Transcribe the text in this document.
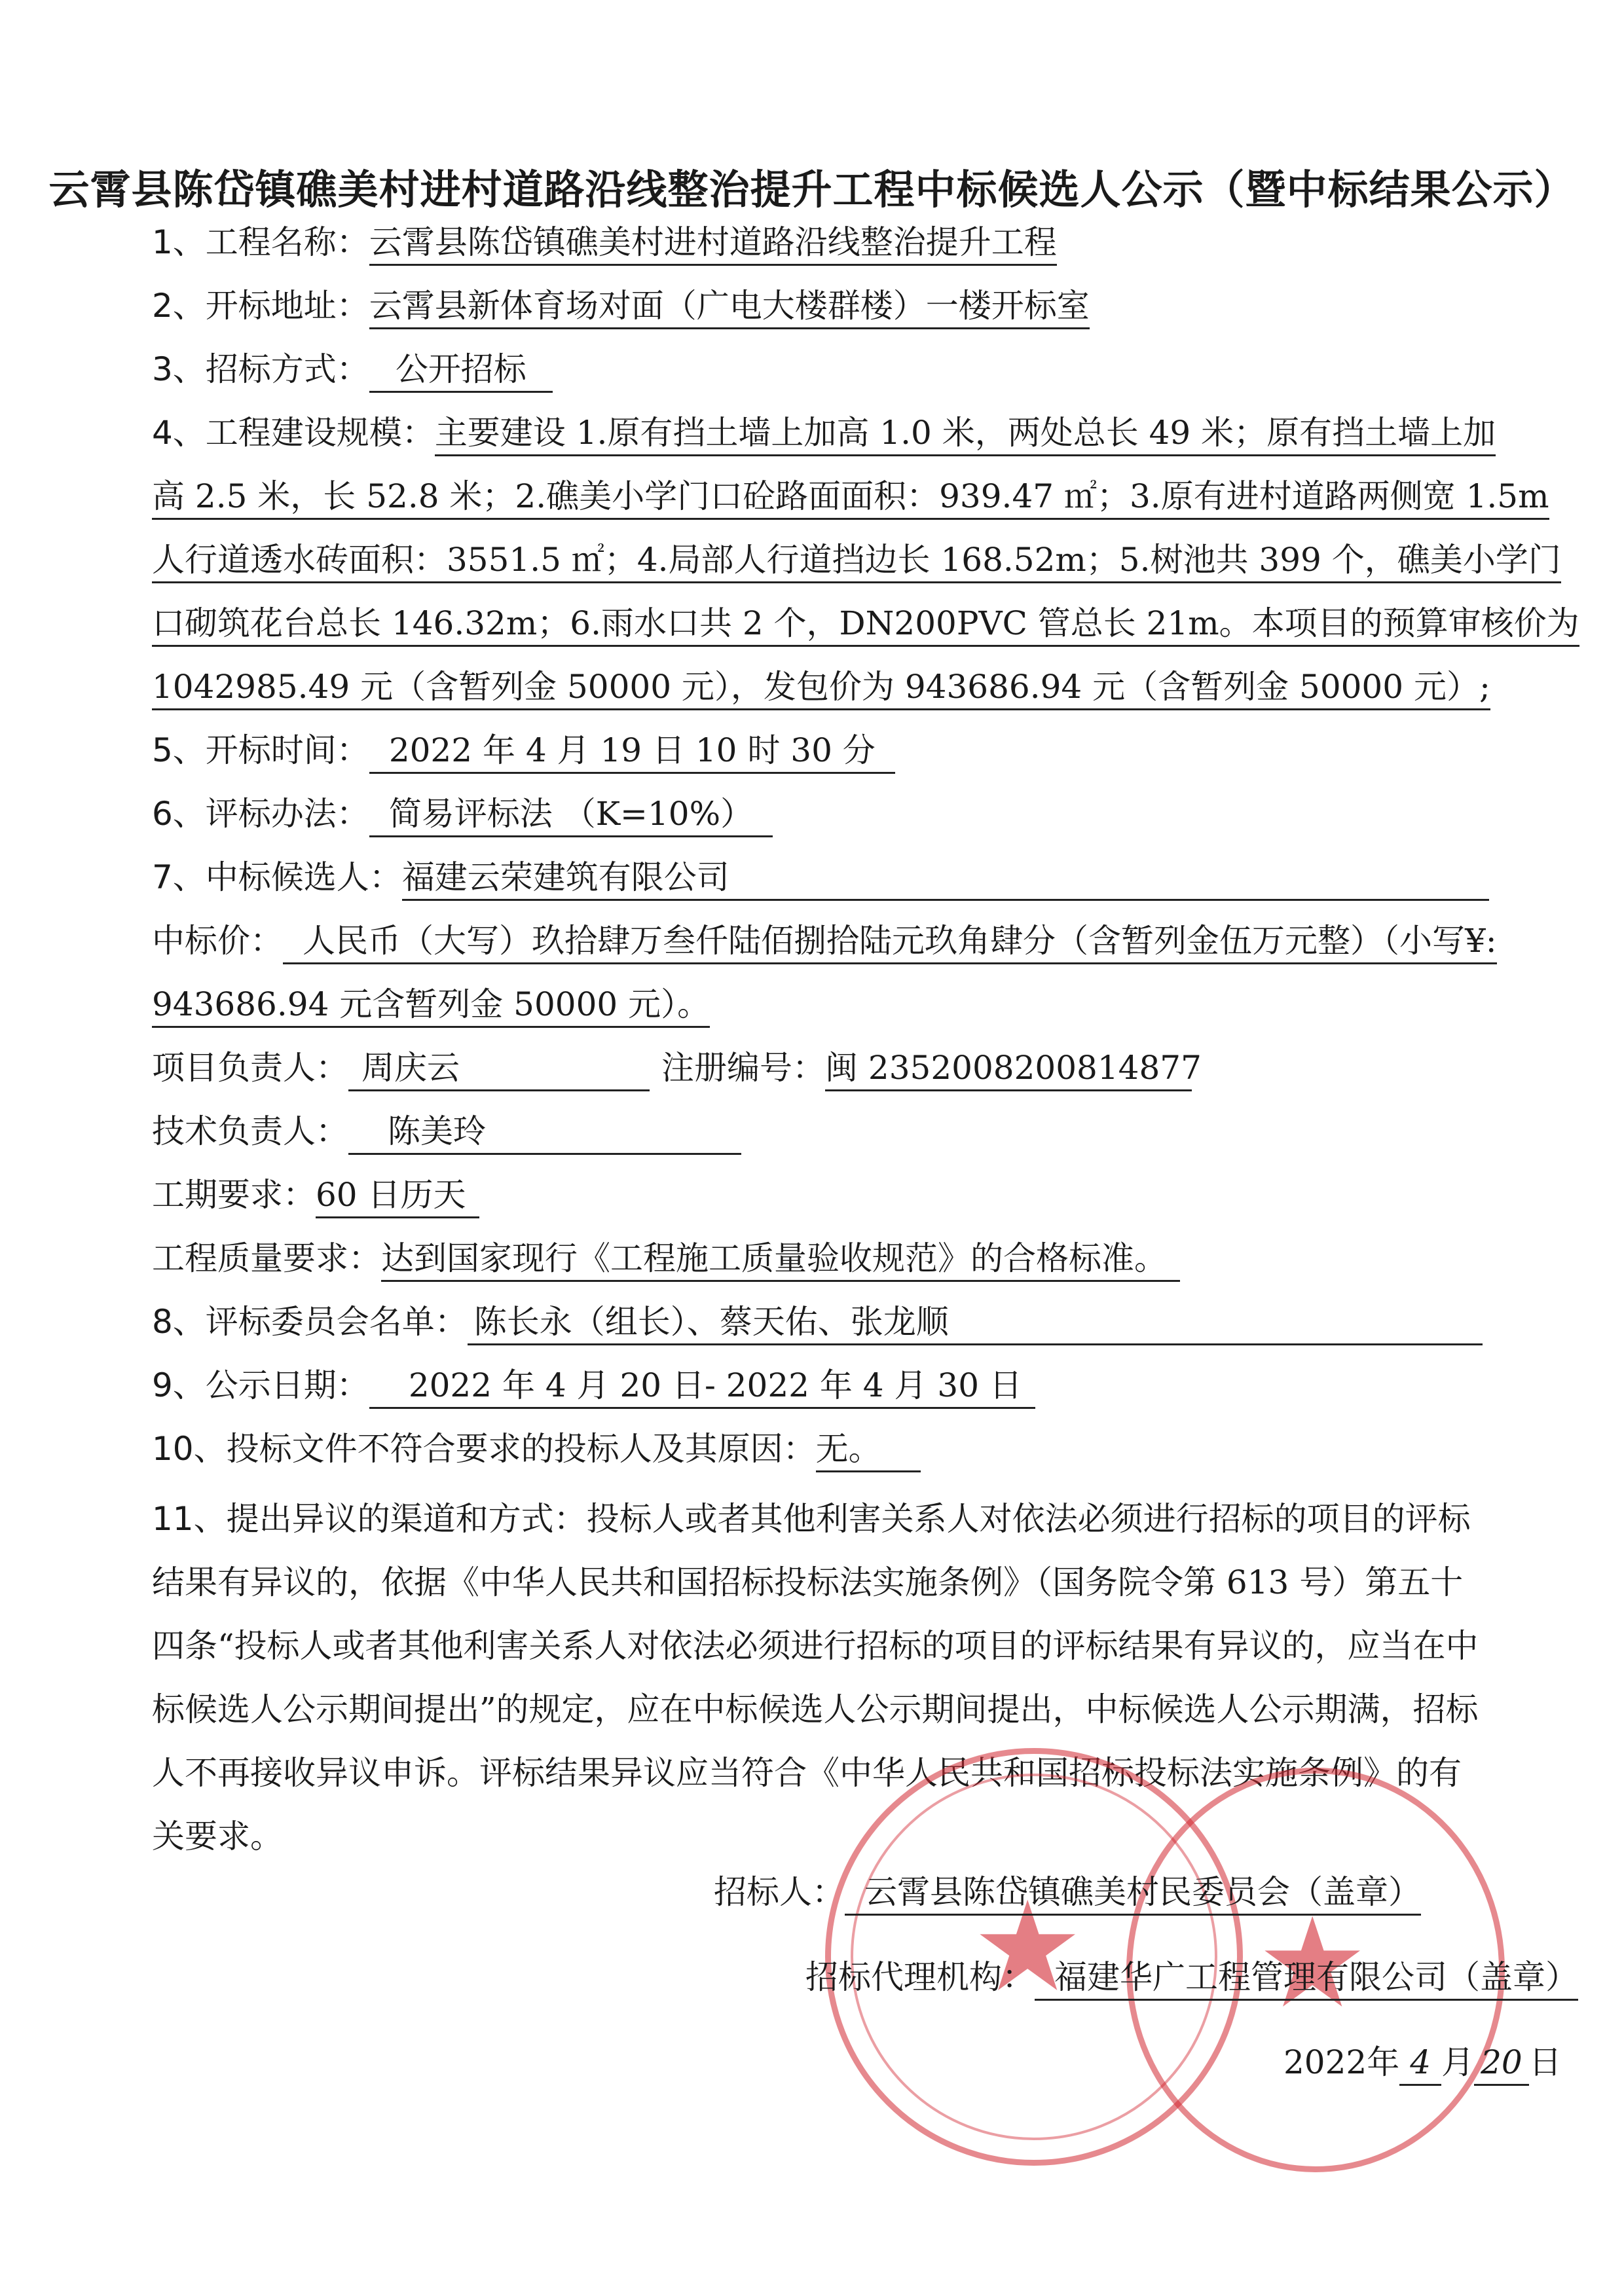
云霄县陈岱镇礁美村进村道路沿线整治提升工程中标候选人公示（暨中标结果公示）
1、工程名称：云霄县陈岱镇礁美村进村道路沿线整治提升工程
2、开标地址：云霄县新体育场对面（广电大楼群楼）一楼开标室
3、招标方式： 公开招标
4、工程建设规模：主要建设 1.原有挡土墙上加高 1.0 米，两处总长 49 米；原有挡土墙上加
高 2.5 米，长 52.8 米；2.礁美小学门口砼路面面积：939.47 ㎡；3.原有进村道路两侧宽 1.5m
人行道透水砖面积：3551.5 ㎡；4.局部人行道挡边长 168.52m；5.树池共 399 个，礁美小学门
口砌筑花台总长 146.32m；6.雨水口共 2 个，DN200PVC 管总长 21m。本项目的预算审核价为
1042985.49 元（含暂列金 50000 元），发包价为 943686.94 元（含暂列金 50000 元）;
5、开标时间： 2022 年 4 月 19 日 10 时 30 分
6、评标办法： 简易评标法 （K=10%）
7、中标候选人：福建云荣建筑有限公司
中标价： 人民币（大写）玖拾肆万叁仟陆佰捌拾陆元玖角肆分（含暂列金伍万元整）（小写¥:
943686.94 元含暂列金 50000 元）。
项目负责人： 周庆云	注册编号：闽 2352008200814877
技术负责人： 陈美玲
工期要求：60 日历天
工程质量要求：达到国家现行《工程施工质量验收规范》的合格标准。
8、评标委员会名单： 陈长永（组长）、蔡天佑、张龙顺
9、公示日期： 2022 年 4 月 20 日- 2022 年 4 月 30 日
10、投标文件不符合要求的投标人及其原因：无。
11、提出异议的渠道和方式：投标人或者其他利害关系人对依法必须进行招标的项目的评标结果有异议的，依据《中华人民共和国招标投标法实施条例》（国务院令第 613 号）第五十四条“投标人或者其他利害关系人对依法必须进行招标的项目的评标结果有异议的，应当在中标候选人公示期间提出”的规定，应在中标候选人公示期间提出，中标候选人公示期满，招标人不再接收异议申诉。评标结果异议应当符合《中华人民共和国招标投标法实施条例》的有关要求。
★ ★
招标人： 云霄县陈岱镇礁美村民委员会（盖章）
招标代理机构： 福建华广工程管理有限公司（盖章）
2022年 4 月 20 日
